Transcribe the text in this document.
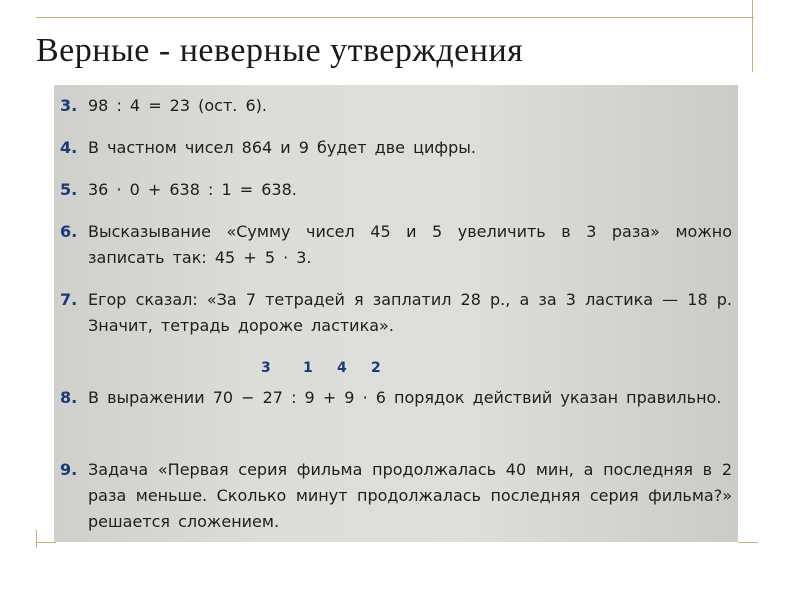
Верные - неверные утверждения
3. 98 : 4 = 23 (ост. 6).
4. В частном чисел 864 и 9 будет две цифры.
5. 36 · 0 + 638 : 1 = 638.
6. Высказывание «Сумму чисел 45 и 5 увеличить в 3 раза» можно записать так: 45 + 5 · 3.
7. Егор сказал: «За 7 тетрадей я заплатил 28 р., а за 3 ластика — 18 р. Значит, тетрадь дороже ластика».
3 1 4 2
8. В выражении 70 − 27 : 9 + 9 · 6 порядок действий указан правильно.
9. Задача «Первая серия фильма продолжалась 40 мин, а последняя в 2 раза меньше. Сколько минут продолжалась последняя серия фильма?» решается сложением.
